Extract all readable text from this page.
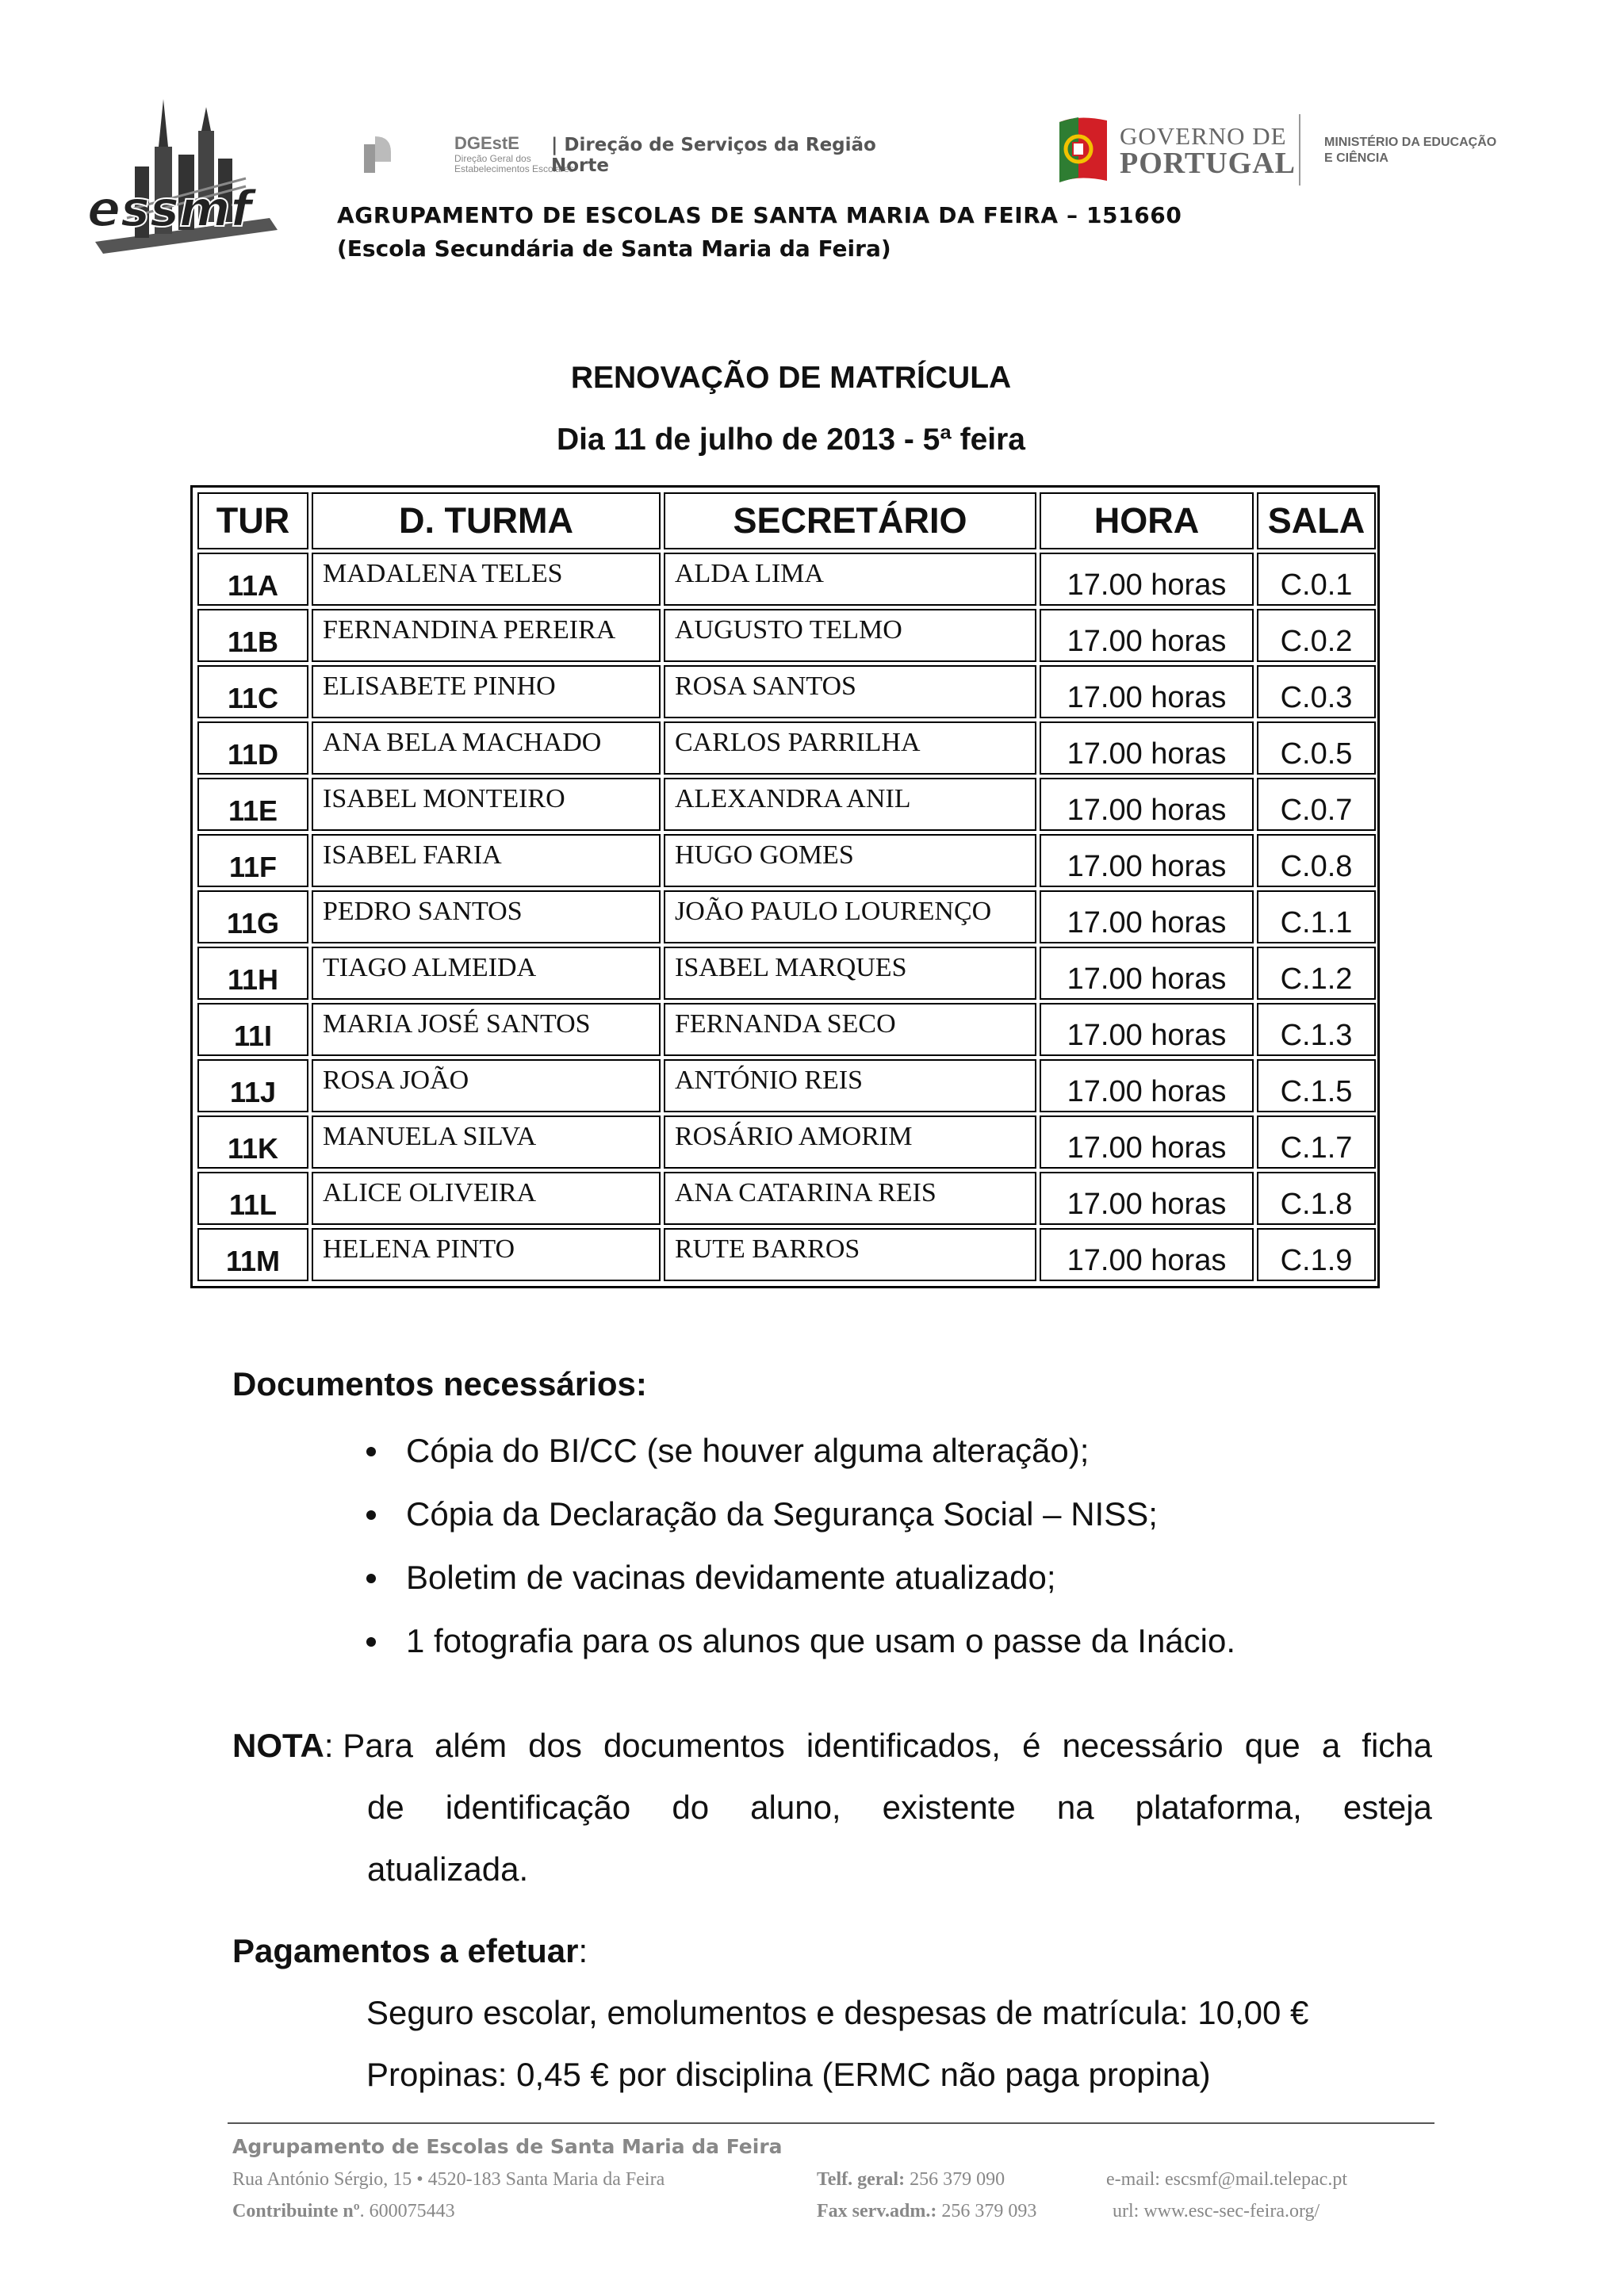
essmf
DGEstE
Direção Geral dos
Estabelecimentos Escolares
| Direção de Serviços da Região Norte
GOVERNO DE
PORTUGAL
MINISTÉRIO DA EDUCAÇÃO
E CIÊNCIA
AGRUPAMENTO DE ESCOLAS DE SANTA MARIA DA FEIRA – 151660
(Escola Secundária de Santa Maria da Feira)
RENOVAÇÃO DE MATRÍCULA
Dia 11 de julho de 2013 - 5ª feira
TUR	D. TURMA	SECRETÁRIO	HORA	SALA
11A	MADALENA TELES	ALDA LIMA	17.00 horas	C.0.1
11B	FERNANDINA PEREIRA	AUGUSTO TELMO	17.00 horas	C.0.2
11C	ELISABETE PINHO	ROSA SANTOS	17.00 horas	C.0.3
11D	ANA BELA MACHADO	CARLOS PARRILHA	17.00 horas	C.0.5
11E	ISABEL MONTEIRO	ALEXANDRA ANIL	17.00 horas	C.0.7
11F	ISABEL FARIA	HUGO GOMES	17.00 horas	C.0.8
11G	PEDRO SANTOS	JOÃO PAULO LOURENÇO	17.00 horas	C.1.1
11H	TIAGO ALMEIDA	ISABEL MARQUES	17.00 horas	C.1.2
11I	MARIA JOSÉ SANTOS	FERNANDA SECO	17.00 horas	C.1.3
11J	ROSA JOÃO	ANTÓNIO REIS	17.00 horas	C.1.5
11K	MANUELA SILVA	ROSÁRIO AMORIM	17.00 horas	C.1.7
11L	ALICE OLIVEIRA	ANA CATARINA REIS	17.00 horas	C.1.8
11M	HELENA PINTO	RUTE BARROS	17.00 horas	C.1.9
Documentos necessários:
Cópia do BI/CC (se houver alguma alteração);
Cópia da Declaração da Segurança Social – NISS;
Boletim de vacinas devidamente atualizado;
1 fotografia para os alunos que usam o passe da Inácio.
NOTA: Para além dos documentos identificados, é necessário que a ficha
de identificação do aluno, existente na plataforma, esteja
atualizada.
Pagamentos a efetuar:
Seguro escolar, emolumentos e despesas de matrícula: 10,00 €
Propinas: 0,45 € por disciplina (ERMC não paga propina)
Agrupamento de Escolas de Santa Maria da Feira
Rua António Sérgio, 15 • 4520-183 Santa Maria da Feira
Contribuinte nº. 600075443
Telf. geral: 256 379 090
Fax serv.adm.: 256 379 093
e-mail: escsmf@mail.telepac.pt
url: www.esc-sec-feira.org/
